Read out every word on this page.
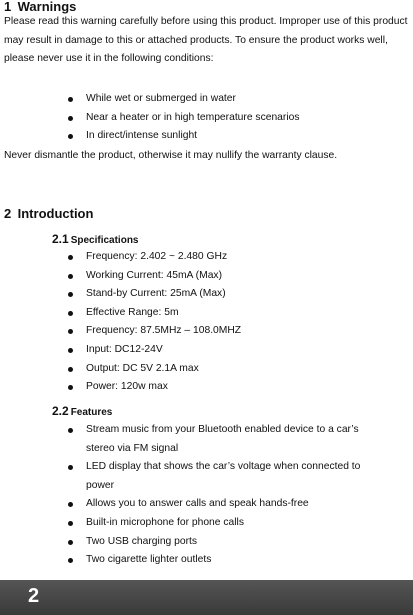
1 Warnings
Please read this warning carefully before using this product. Improper use of this product may result in damage to this or attached products. To ensure the product works well, please never use it in the following conditions:
While wet or submerged in water
Near a heater or in high temperature scenarios
In direct/intense sunlight
Never dismantle the product, otherwise it may nullify the warranty clause.
2 Introduction
2.1 Specifications
Frequency: 2.402 ~ 2.480 GHz
Working Current: 45mA (Max)
Stand-by Current: 25mA (Max)
Effective Range: 5m
Frequency: 87.5MHz – 108.0MHZ
Input: DC12-24V
Output: DC 5V 2.1A max
Power: 120w max
2.2 Features
Stream music from your Bluetooth enabled device to a car’s stereo via FM signal
LED display that shows the car’s voltage when connected to power
Allows you to answer calls and speak hands-free
Built-in microphone for phone calls
Two USB charging ports
Two cigarette lighter outlets
2
